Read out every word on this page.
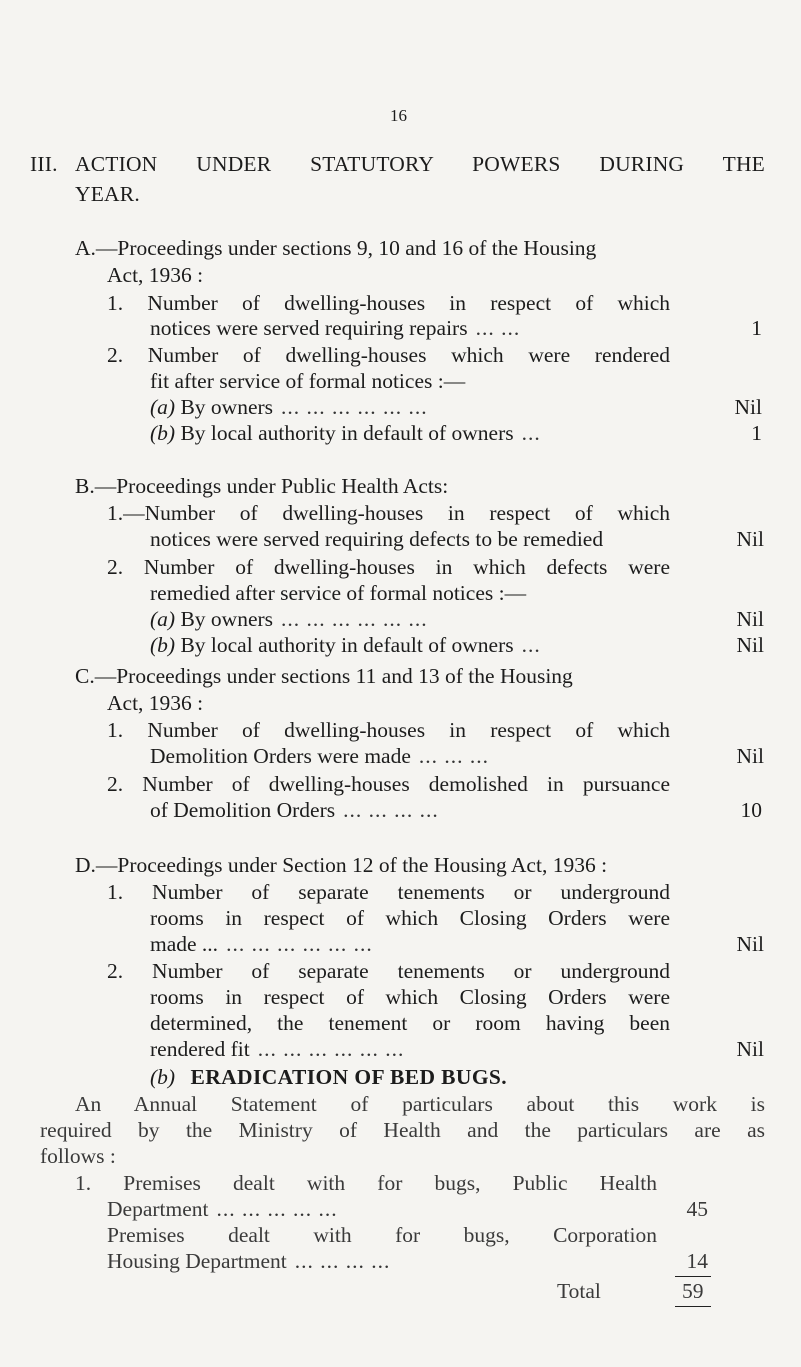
16
III. ACTION UNDER STATUTORY POWERS DURING THE
YEAR.
A.—Proceedings under sections 9, 10 and 16 of the Housing
Act, 1936 :
1. Number of dwelling-houses in respect of which
notices were served requiring repairs ... ...	1
2. Number of dwelling-houses which were rendered
fit after service of formal notices :—
(a) By owners ... ... ... ... ... ...	Nil
(b) By local authority in default of owners ...	1
B.—Proceedings under Public Health Acts:
1.—Number of dwelling-houses in respect of which
notices were served requiring defects to be remedied	Nil
2. Number of dwelling-houses in which defects were
remedied after service of formal notices :—
(a) By owners ... ... ... ... ... ...	Nil
(b) By local authority in default of owners ...	Nil
C.—Proceedings under sections 11 and 13 of the Housing
Act, 1936 :
1. Number of dwelling-houses in respect of which
Demolition Orders were made ... ... ...	Nil
2. Number of dwelling-houses demolished in pursuance
of Demolition Orders ... ... ... ...	10
D.—Proceedings under Section 12 of the Housing Act, 1936 :
1. Number of separate tenements or underground
rooms in respect of which Closing Orders were
made ... ... ... ... ... ... ...	Nil
2. Number of separate tenements or underground
rooms in respect of which Closing Orders were
determined, the tenement or room having been
rendered fit ... ... ... ... ... ...	Nil
(b) ERADICATION OF BED BUGS.
An Annual Statement of particulars about this work is
required by the Ministry of Health and the particulars are as
follows :
1. Premises dealt with for bugs, Public Health
Department ... ... ... ... ...	45
Premises dealt with for bugs, Corporation
Housing Department ... ... ... ...	14
Total	59
